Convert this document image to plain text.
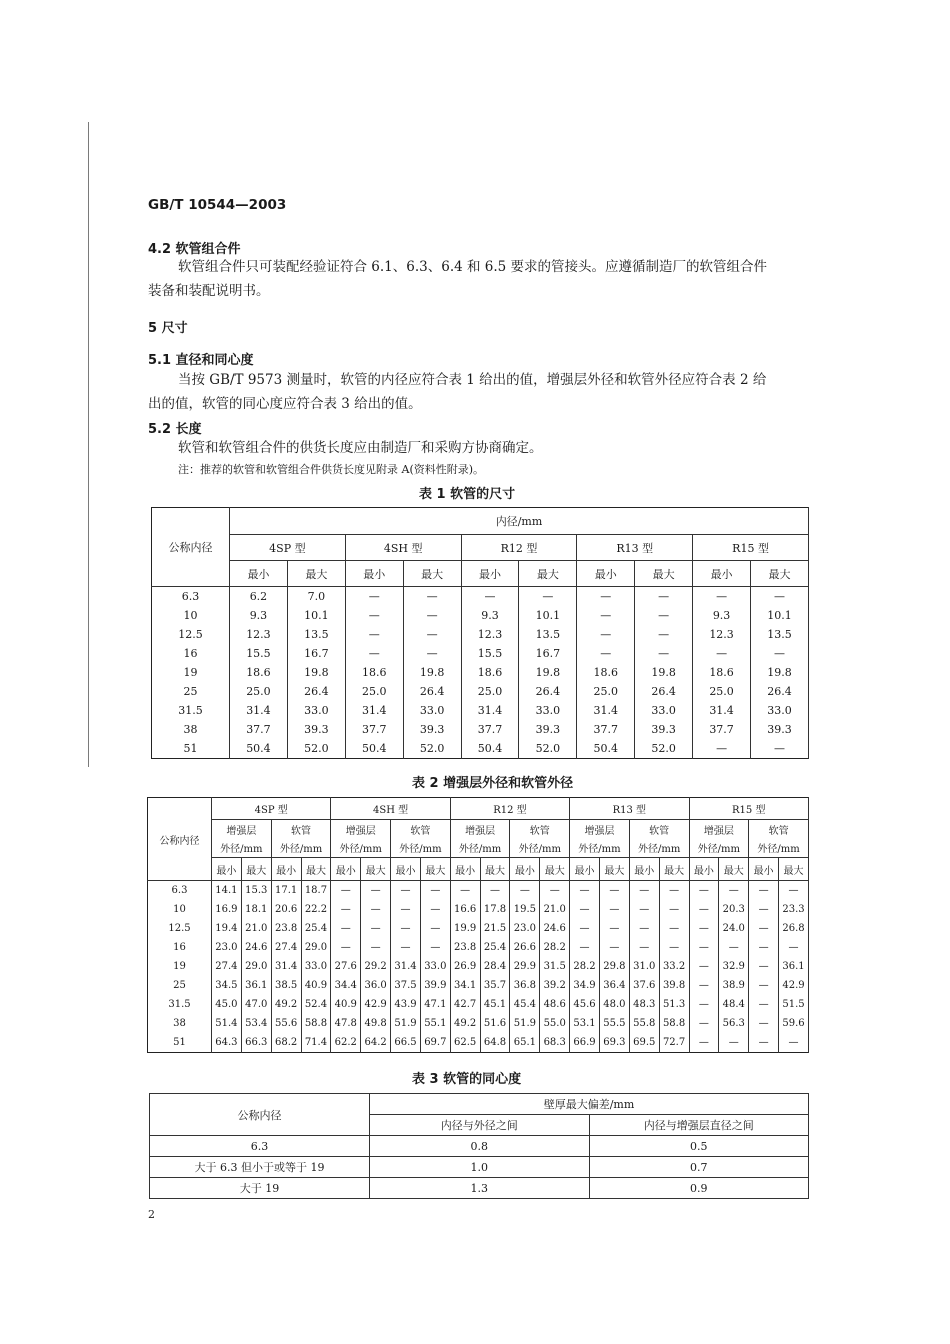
GB/T 10544—2003
4.2 软管组合件
软管组合件只可装配经验证符合 6.1、6.3、6.4 和 6.5 要求的管接头。应遵循制造厂的软管组合件
装备和装配说明书。
5 尺寸
5.1 直径和同心度
当按 GB/T 9573 测量时，软管的内径应符合表 1 给出的值，增强层外径和软管外径应符合表 2 给
出的值，软管的同心度应符合表 3 给出的值。
5.2 长度
软管和软管组合件的供货长度应由制造厂和采购方协商确定。
注：推荐的软管和软管组合件供货长度见附录 A(资料性附录)。
表 1 软管的尺寸
公称内径	内径/mm									
	4SP 型		4SH 型		R12 型		R13 型		R15 型	
	最小	最大	最小	最大	最小	最大	最小	最大	最小	最大
6.3	6.2	7.0	—	—	—	—	—	—	—	—
10	9.3	10.1	—	—	9.3	10.1	—	—	9.3	10.1
12.5	12.3	13.5	—	—	12.3	13.5	—	—	12.3	13.5
16	15.5	16.7	—	—	15.5	16.7	—	—	—	—
19	18.6	19.8	18.6	19.8	18.6	19.8	18.6	19.8	18.6	19.8
25	25.0	26.4	25.0	26.4	25.0	26.4	25.0	26.4	25.0	26.4
31.5	31.4	33.0	31.4	33.0	31.4	33.0	31.4	33.0	31.4	33.0
38	37.7	39.3	37.7	39.3	37.7	39.3	37.7	39.3	37.7	39.3
51	50.4	52.0	50.4	52.0	50.4	52.0	50.4	52.0	—	—
表 2 增强层外径和软管外径
公称内径	4SP 型				4SH 型				R12 型				R13 型				R15 型			
	增强层		软管		增强层		软管		增强层		软管		增强层		软管		增强层		软管	
	外径/mm		外径/mm		外径/mm		外径/mm		外径/mm		外径/mm		外径/mm		外径/mm		外径/mm		外径/mm	
	最小	最大	最小	最大	最小	最大	最小	最大	最小	最大	最小	最大	最小	最大	最小	最大	最小	最大	最小	最大
6.3	14.1	15.3	17.1	18.7	—	—	—	—	—	—	—	—	—	—	—	—	—	—	—	—
10	16.9	18.1	20.6	22.2	—	—	—	—	16.6	17.8	19.5	21.0	—	—	—	—	—	20.3	—	23.3
12.5	19.4	21.0	23.8	25.4	—	—	—	—	19.9	21.5	23.0	24.6	—	—	—	—	—	24.0	—	26.8
16	23.0	24.6	27.4	29.0	—	—	—	—	23.8	25.4	26.6	28.2	—	—	—	—	—	—	—	—
19	27.4	29.0	31.4	33.0	27.6	29.2	31.4	33.0	26.9	28.4	29.9	31.5	28.2	29.8	31.0	33.2	—	32.9	—	36.1
25	34.5	36.1	38.5	40.9	34.4	36.0	37.5	39.9	34.1	35.7	36.8	39.2	34.9	36.4	37.6	39.8	—	38.9	—	42.9
31.5	45.0	47.0	49.2	52.4	40.9	42.9	43.9	47.1	42.7	45.1	45.4	48.6	45.6	48.0	48.3	51.3	—	48.4	—	51.5
38	51.4	53.4	55.6	58.8	47.8	49.8	51.9	55.1	49.2	51.6	51.9	55.0	53.1	55.5	55.8	58.8	—	56.3	—	59.6
51	64.3	66.3	68.2	71.4	62.2	64.2	66.5	69.7	62.5	64.8	65.1	68.3	66.9	69.3	69.5	72.7	—	—	—	—
表 3 软管的同心度
公称内径	壁厚最大偏差/mm	
	内径与外径之间	内径与增强层直径之间
6.3	0.8	0.5
大于 6.3 但小于或等于 19	1.0	0.7
大于 19	1.3	0.9
2
